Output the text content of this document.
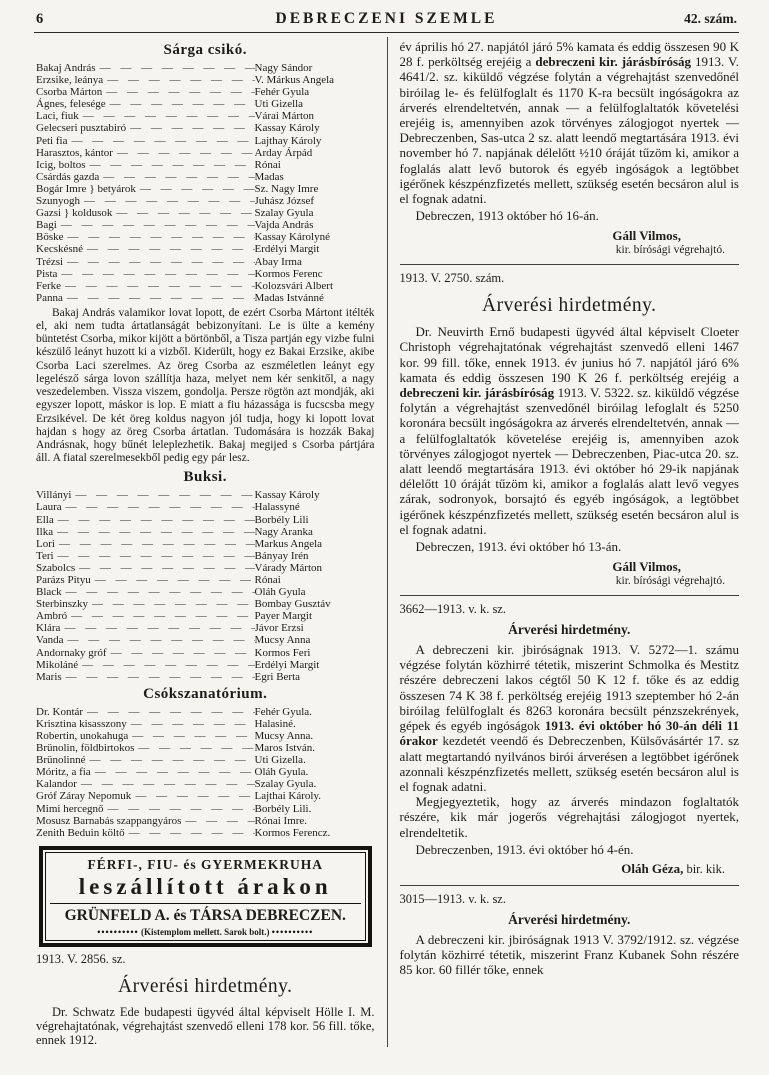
6	DEBRECZENI SZEMLE	42. szám.
Sárga csikó.
Bakaj András — — —	Nagy Sándor
Erzsike, leánya — — —	V. Márkus Angela
Csorba Márton — — —	Fehér Gyula
Ágnes, felesége — — —	Uti Gizella
Laci, fiuk — — —	Várai Márton
Gelecseri pusztabiró — — —	Kassay Károly
Peti fia — — —	Lajthay Károly
Harasztos, kántor — — —	Arday Árpád
Icig, boltos — — —	Rónai
Csárdás gazda — — —	Madas
Bogár Imre	} betyárok — — —	Sz. Nagy Imre
Szunyogh — — —	Juhász József
Gazsi	} koldusok — — —	Szalay Gyula
Bagi — — —	Vajda András
Böske — — —	Kassay Károlyné
Kecskésné — — —	Erdélyi Margit
Trézsi — — —	Abay Irma
Pista — — —	Kormos Ferenc
Ferke — — —	Kolozsvári Albert
Panna — — —	Madas Istvánné

Bakaj András valamikor lovat lopott, de ezért Csorba Mártont itélték el, aki nem tudta ártatlanságát bebizonyítani. Le is ülte a kemény büntetést Csorba, mikor kijött a börtönből, a Tisza partján egy vizbe fulni készülő leányt huzott ki a vizből. Kiderült, hogy ez Bakai Erzsike, akibe Csorba Laci szerelmes. Az öreg Csorba az eszméletlen leányt egy legelésző sárga lovon szállítja haza, melyet nem kér senkitől, a nagy veszedelemben. Vissza viszem, gondolja. Persze rögtön azt mondják, aki egyszer lopott, máskor is lop. E miatt a fiu házassága is fucscsba megy Erzsikével. De két öreg koldus nagyon jól tudja, hogy ki lopott lovat hajdan s hogy az öreg Csorba ártatlan. Tudomására is hozzák Bakaj Andrásnak, hogy bűnét leleplezhetik. Bakaj megijed s Csorba pártjára áll. A fiatal szerelmesekből pedig egy pár lesz.

Buksi.
Villányi — — —	Kassay Károly
Laura — — —	Halassyné
Ella — — —	Borbély Lili
Ilka — — —	Nagy Aranka
Lori — — —	Markus Angela
Teri — — —	Bányay Irén
Szabolcs — — —	Várady Márton
Parázs Pityu — — —	Rónai
Black — — —	Oláh Gyula
Sterbinszky — — —	Bombay Gusztáv
Ambró — — —	Payer Margit
Klára — — —	Jávor Erzsi
Vanda — — —	Mucsy Anna
Andornaky gróf — — —	Kormos Feri
Mikoláné — — —	Erdélyi Margit
Maris — — —	Egri Berta
Csókszanatórium.
Dr. Kontár — — —	Fehér Gyula.
Krisztina kisasszony — — —	Halasiné.
Robertin, unokahuga — — —	Mucsy Anna.
Brünolin, földbirtokos — — —	Maros István.
Brünolinné — — —	Uti Gizella.
Móritz, a fia — — —	Oláh Gyula.
Kalandor — — —	Szalay Gyula.
Gróf Záray Nepomuk — — —	Lajthai Károly.
Mimi hercegnő — — —	Borbély Lili.
Mosusz Barnabás szappangyáros — — —	Rónai Imre.
Zenith Beduin költő — — —	Kormos Ferencz.
FÉRFI-, FIU- és GYERMEKRUHA
leszállított árakon
GRÜNFELD A. és TÁRSA DEBRECZEN.
•••••••••• (Kistemplom mellett. Sarok bolt.) ••••••••••
1913. V. 2856. sz.
Árverési hirdetmény.

Dr. Schwatz Ede budapesti ügyvéd által képviselt Hölle I. M. végrehajtatónak, végrehajtást szenvedő elleni 178 kor. 56 fill. tőke, ennek 1912.

év április hó 27. napjától járó 5% kamata és eddig összesen 90 K 28 f. perköltség erejéig a debreczeni kir. járásbíróság 1913. V. 4641/2. sz. kiküldő végzése folytán a végrehajtást szenvedőnél biróilag le- és felülfoglalt és 1170 K-ra becsült ingóságokra az árverés elrendeltetvén, annak — a felülfoglaltatók követelési erejéig is, amennyiben azok törvényes zálogjogot nyertek — Debreczenben, Sas-utca 2 sz. alatt leendő megtartására 1913. évi november hó 7. napjának délelőtt ½10 óráját tűzöm ki, amikor a foglalás alatt levő butorok és egyéb ingóságok a legtöbbet igérőnek készpénzfizetés mellett, szükség esetén becsáron alul is el fognak adatni.

Debreczen, 1913 október hó 16-án.
Gáll Vilmos,
kir. bírósági végrehajtó.
1913. V. 2750. szám.
Árverési hirdetmény.

Dr. Neuvirth Ernő budapesti ügyvéd által képviselt Cloeter Christoph végrehajtatónak végrehajtást szenvedő elleni 1467 kor. 99 fill. tőke, ennek 1913. év junius hó 7. napjától járó 6% kamata és eddig összesen 190 K 26 f. perköltség erejéig a debreczeni kir. járásbíróság 1913. V. 5322. sz. kiküldő végzése folytán a végrehajtást szenvedőnél biróilag lefoglalt és 5250 koronára becsült ingóságokra az árverés elrendeltetvén, annak — a felülfoglaltatók követelése erejéig is, amennyiben azok törvényes zálogjogot nyertek — Debreczenben, Piac-utca 20. sz. alatt leendő megtartására 1913. évi október hó 29-ik napjának délelőtt 10 óráját tűzöm ki, amikor a foglalás alatt levő vegyes zárak, sodronyok, borsajtó és egyéb ingóságok, a legtöbbet igérőnek készpénzfizetés mellett, szükség esetén becsáron alul is el fognak adatni.

Debreczen, 1913. évi október hó 13-án.
Gáll Vilmos,
kir. bírósági végrehajtó.
3662—1913. v. k. sz.
Árverési hirdetmény.

A debreczeni kir. jbiróságnak 1913. V. 5272—1. számu végzése folytán közhirré tétetik, miszerint Schmolka és Mestitz részére debreczeni lakos cégtől 50 K 12 f. tőke és az eddig összesen 74 K 38 f. perköltség erejéig 1913 szeptember hó 2-án biróilag felülfoglalt és 8263 koronára becsült pénzszekrények, gépek és egyéb ingóságok 1913. évi október hó 30-án déli 11 órakor kezdetét veendő és Debreczenben, Külsővásártér 17. sz alatt megtartandó nyilvános birói árverésen a legtöbbet igérőnek azonnali készpénzfizetés mellett, szükség esetén becsáron alul is el fognak adatni.

Megjegyeztetik, hogy az árverés mindazon foglaltatók részére, kik már jogerős végrehajtási zálogjogot nyertek, elrendeltetik.

Debreczenben, 1913. évi október hó 4-én.
Oláh Géza, bir. kik.
3015—1913. v. k. sz.
Árverési hirdetmény.

A debreczeni kir. jbiróságnak 1913 V. 3792/1912. sz. végzése folytán közhirré tétetik, miszerint Franz Kubanek Sohn részére 85 kor. 60 fillér tőke, ennek
